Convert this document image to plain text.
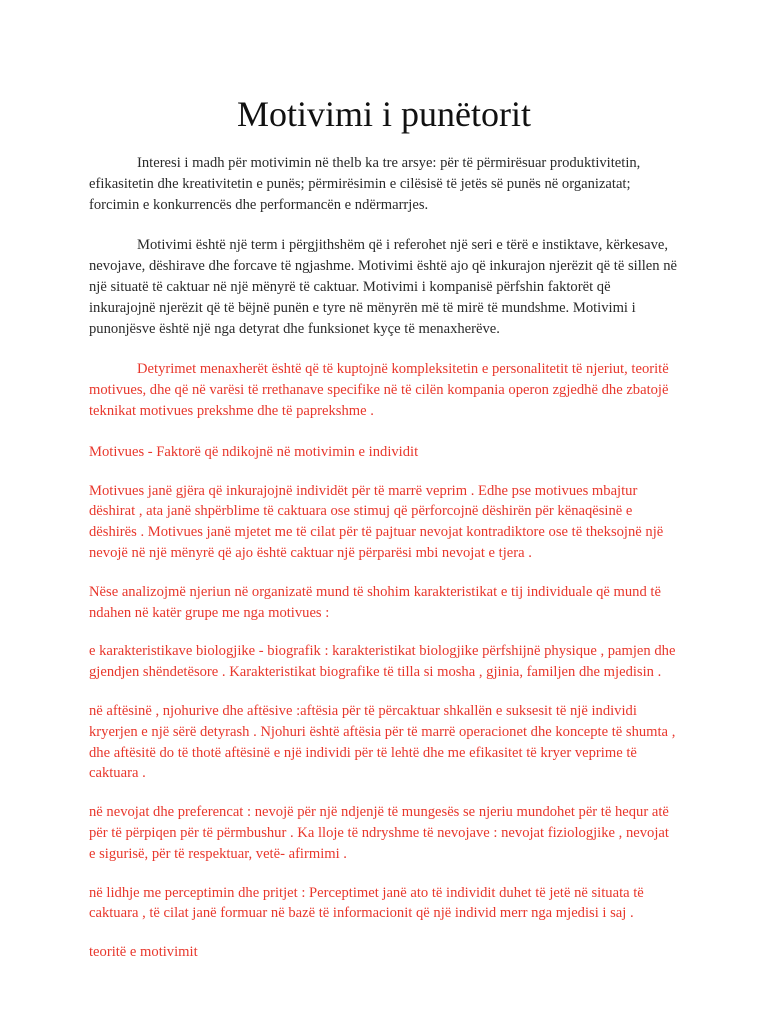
Motivimi i punëtorit

Interesi i madh për motivimin në thelb ka tre arsye: për të përmirësuar produktivitetin, efikasitetin dhe kreativitetin e punës; përmirësimin e cilësisë të jetës së punës në organizatat; forcimin e konkurrencës dhe performancën e ndërmarrjes.

Motivimi është një term i përgjithshëm që i referohet një seri e tërë e instiktave, kërkesave, nevojave, dëshirave dhe forcave të ngjashme. Motivimi është ajo që inkurajon njerëzit që të sillen në një situatë të caktuar në një mënyrë të caktuar. Motivimi i kompanisë përfshin faktorët që inkurajojnë njerëzit që të bëjnë punën e tyre në mënyrën më të mirë të mundshme. Motivimi i punonjësve është një nga detyrat dhe funksionet kyçe të menaxherëve.

Detyrimet menaxherët është që të kuptojnë kompleksitetin e personalitetit të njeriut, teoritë motivues, dhe që në varësi të rrethanave specifike në të cilën kompania operon zgjedhë dhe zbatojë teknikat motivues prekshme dhe të paprekshme .

Motivues - Faktorë që ndikojnë në motivimin e individit

Motivues janë gjëra që inkurajojnë individët për të marrë veprim . Edhe pse motivues mbajtur dëshirat , ata janë shpërblime të caktuara ose stimuj që përforcojnë dëshirën për kënaqësinë e dëshirës . Motivues janë mjetet me të cilat për të pajtuar nevojat kontradiktore ose të theksojnë një nevojë në një mënyrë që ajo është caktuar një përparësi mbi nevojat e tjera .

Nëse analizojmë njeriun në organizatë mund të shohim karakteristikat e tij individuale që mund të ndahen në katër grupe me nga motivues :

e karakteristikave biologjike - biografik : karakteristikat biologjike përfshijnë physique , pamjen dhe gjendjen shëndetësore . Karakteristikat biografike të tilla si mosha , gjinia, familjen dhe mjedisin .

në aftësinë , njohurive dhe aftësive :aftësia për të përcaktuar shkallën e suksesit të një individi kryerjen e një sërë detyrash . Njohuri është aftësia për të marrë operacionet dhe koncepte të shumta , dhe aftësitë do të thotë aftësinë e një individi për të lehtë dhe me efikasitet të kryer veprime të caktuara .

në nevojat dhe preferencat : nevojë për një ndjenjë të mungesës se njeriu mundohet për të hequr atë për të përpiqen për të përmbushur . Ka lloje të ndryshme të nevojave : nevojat fiziologjike , nevojat e sigurisë, për të respektuar, vetë- afirmimi .

në lidhje me perceptimin dhe pritjet : Perceptimet janë ato të individit duhet të jetë në situata të caktuara , të cilat janë formuar në bazë të informacionit që një individ merr nga mjedisi i saj .

teoritë e motivimit
